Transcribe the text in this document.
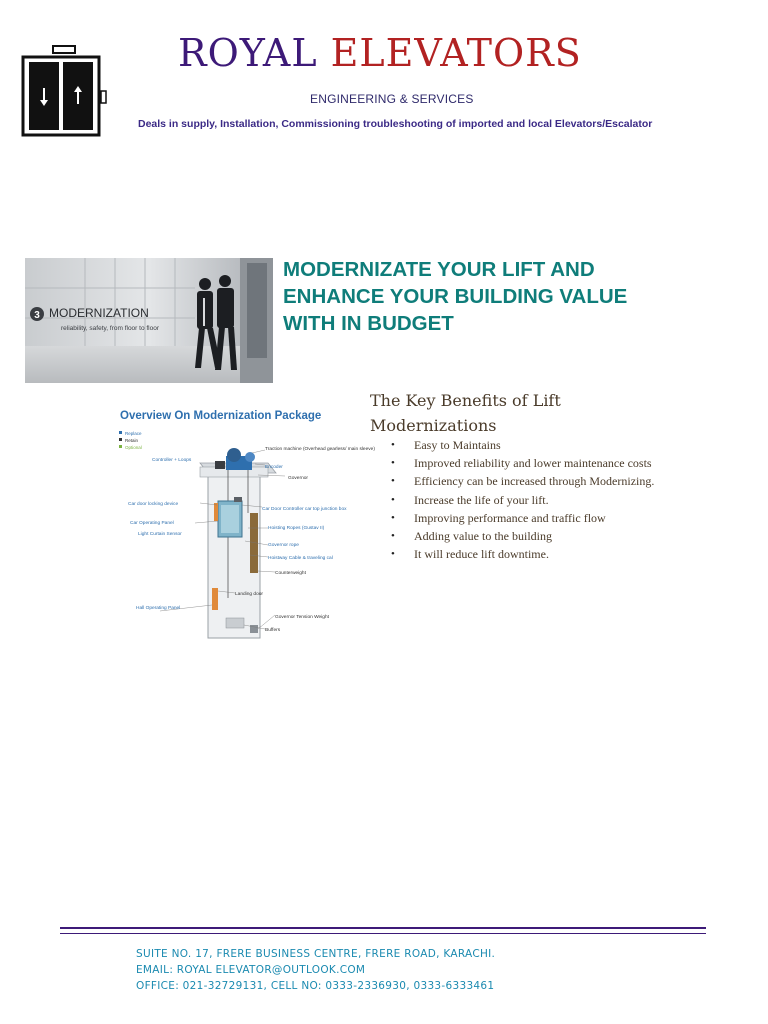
ROYAL ELEVATORS
ENGINEERING & SERVICES
Deals in supply, Installation, Commissioning troubleshooting of imported and local Elevators/Escalator
3 MODERNIZATION
reliability, safety, from floor to floor
MODERNIZATE YOUR LIFT AND ENHANCE YOUR BUILDING VALUE WITH IN BUDGET
Overview On Modernization Package
Replace
Retain
Optional	Traction machine (Overhead gearless/ main sleeve)
Controller + Loops
Encoder
Governor
Car door locking device
Car Door Controller car top junction box
Car Operating Panel
Hoisting Ropes (Gustav II)
Light Curtain Sensor
Governor rope
Hoistway Cable & traveling cal
Counterweight
Landing door
Hall Operating Panel
Governor Tension Weight
Buffers
The Key Benefits of Lift Modernizations
• Easy to Maintains
• Improved reliability and lower maintenance costs
• Efficiency can be increased through Modernizing.
• Increase the life of your lift.
• Improving performance and traffic flow
• Adding value to the building
• It will reduce lift downtime.
SUITE NO. 17, FRERE BUSINESS CENTRE, FRERE ROAD, KARACHI.
EMAIL: ROYAL ELEVATOR@OUTLOOK.COM
OFFICE: 021-32729131, CELL NO: 0333-2336930, 0333-6333461
